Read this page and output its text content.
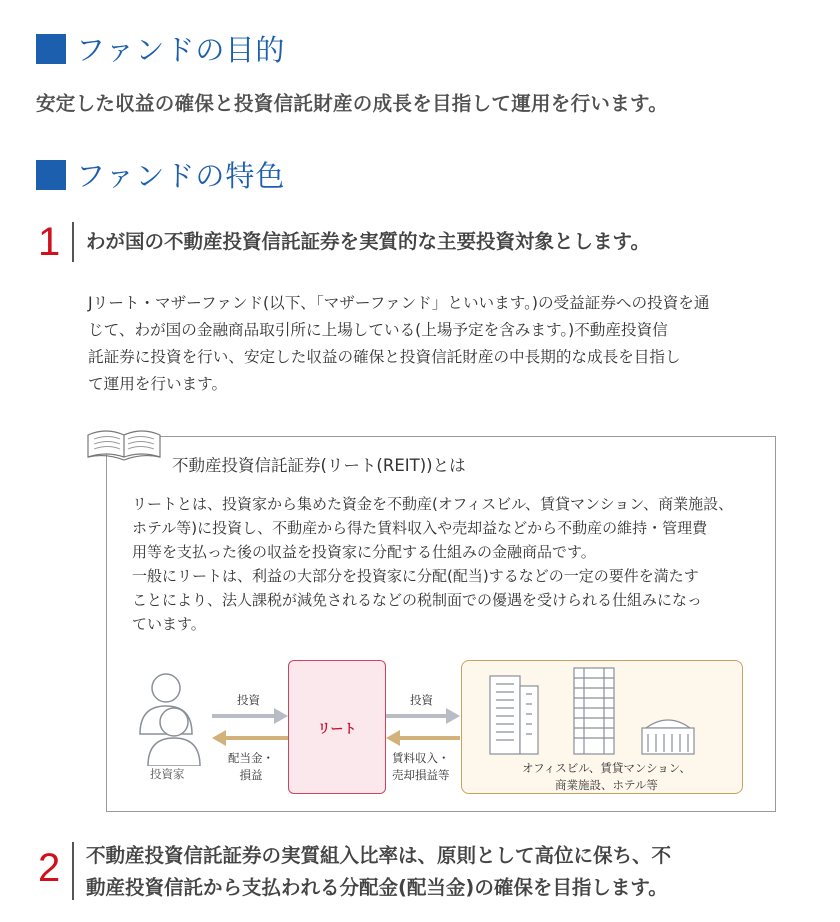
ファンドの目的
安定した収益の確保と投資信託財産の成長を目指して運用を行います。
ファンドの特色
1	わが国の不動産投資信託証券を実質的な主要投資対象とします。
Jリート・マザーファンド(以下、「マザーファンド」といいます。)の受益証券への投資を通
じて、わが国の金融商品取引所に上場している(上場予定を含みます。)不動産投資信
託証券に投資を行い、安定した収益の確保と投資信託財産の中長期的な成長を目指し
て運用を行います。
不動産投資信託証券(リート(REIT))とは
リートとは、投資家から集めた資金を不動産(オフィスビル、賃貸マンション、商業施設、
ホテル等)に投資し、不動産から得た賃料収入や売却益などから不動産の維持・管理費
用等を支払った後の収益を投資家に分配する仕組みの金融商品です。
一般にリートは、利益の大部分を投資家に分配(配当)するなどの一定の要件を満たす
ことにより、法人課税が減免されるなどの税制面での優遇を受けられる仕組みになっ
ています。
投資家
投資
配当金・
損益
リート
投資
賃料収入・
売却損益等	オフィスビル、賃貸マンション、
商業施設、ホテル等
2	不動産投資信託証券の実質組入比率は、原則として高位に保ち、不
動産投資信託から支払われる分配金(配当金)の確保を目指します。
